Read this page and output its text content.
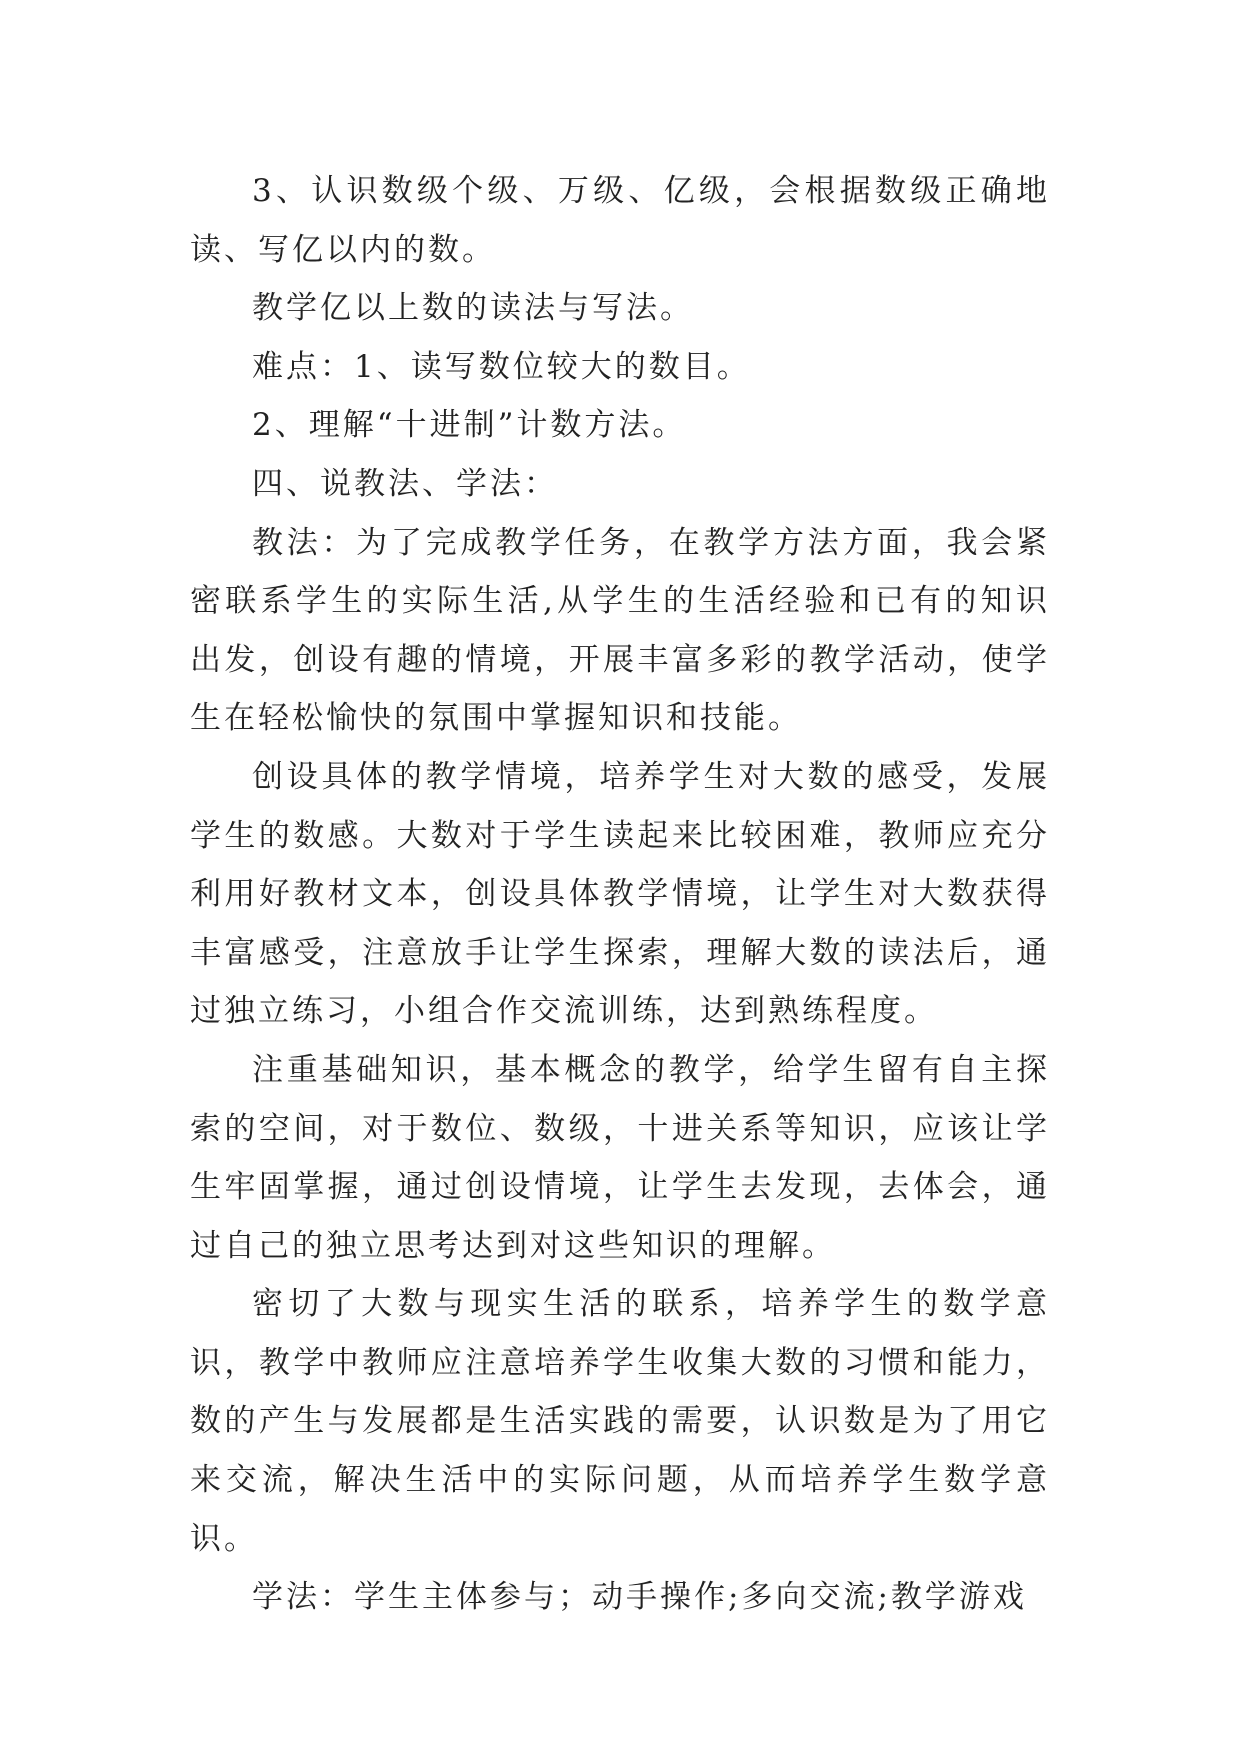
3、认识数级个级、万级、亿级，会根据数级正确地读、写亿以内的数。

教学亿以上数的读法与写法。

难点：1、读写数位较大的数目。

2、理解“十进制”计数方法。

四、说教法、学法：

教法：为了完成教学任务，在教学方法方面，我会紧密联系学生的实际生活,从学生的生活经验和已有的知识出发，创设有趣的情境，开展丰富多彩的教学活动，使学生在轻松愉快的氛围中掌握知识和技能。

创设具体的教学情境，培养学生对大数的感受，发展学生的数感。大数对于学生读起来比较困难，教师应充分利用好教材文本，创设具体教学情境，让学生对大数获得丰富感受，注意放手让学生探索，理解大数的读法后，通过独立练习，小组合作交流训练，达到熟练程度。

注重基础知识，基本概念的教学，给学生留有自主探索的空间，对于数位、数级，十进关系等知识，应该让学生牢固掌握，通过创设情境，让学生去发现，去体会，通过自己的独立思考达到对这些知识的理解。

密切了大数与现实生活的联系，培养学生的数学意识，教学中教师应注意培养学生收集大数的习惯和能力，数的产生与发展都是生活实践的需要，认识数是为了用它来交流，解决生活中的实际问题，从而培养学生数学意识。

学法：学生主体参与；动手操作;多向交流;教学游戏
